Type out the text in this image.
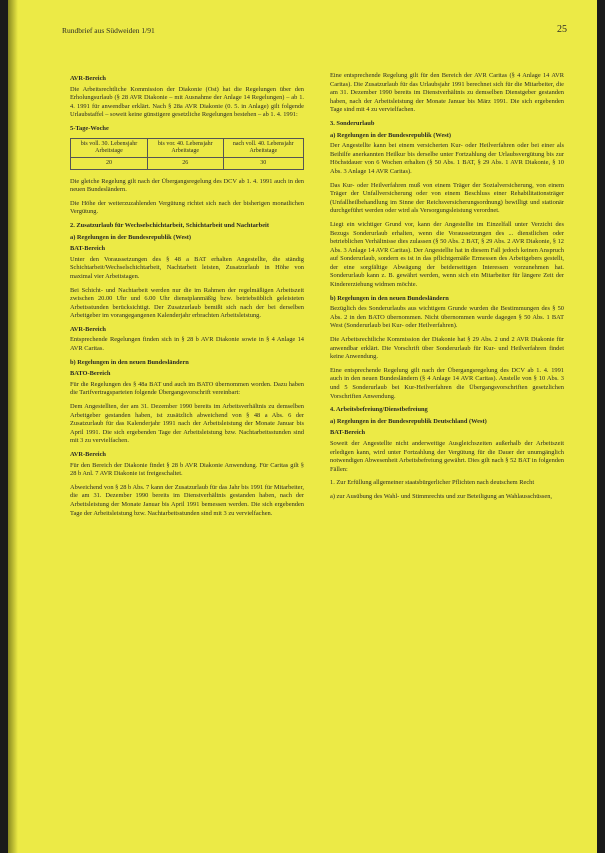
Rundbrief aus Südweiden 1/91	25
AVR-Bereich

Die Arbeitsrechtliche Kommission der Diakonie (Ost) hat die Regelungen über den Erholungsurlaub (§ 28 AVR Diakonie – mit Ausnahme der Anlage 14 Regelungen) – ab 1. 4. 1991 für anwendbar erklärt. Nach § 28a AVR Diakonie (0. 5. in Anlage) gilt folgende Urlaubstaffel – soweit keine günstigere gesetzliche Regelungen bestehen – ab 1. 4. 1991:

5-Tage-Woche
bis voll. 30. Lebensjahr Arbeitstage	bis vor. 40. Lebensjahr Arbeitstage	nach voll. 40. Lebensjahr Arbeitstage
20	26	30

Die gleiche Regelung gilt nach der Übergangsregelung des DCV ab 1. 4. 1991 auch in den neuen Bundesländern.

Die Höhe der weiterzuzahlenden Vergütung richtet sich nach der bisherigen monatlichen Vergütung.

2. Zusatzurlaub für Wechselschichtarbeit, Schichtarbeit und Nachtarbeit
a) Regelungen in der Bundesrepublik (West)
BAT-Bereich

Unter den Voraussetzungen des § 48 a BAT erhalten Angestellte, die ständig Schichtarbeit/Wechselschichtarbeit, Nachtarbeit leisten, Zusatzurlaub in Höhe von maximal vier Arbeitstagen.

Bei Schicht- und Nachtarbeit werden nur die im Rahmen der regelmäßigen Arbeitszeit zwischen 20.00 Uhr und 6.00 Uhr dienstplanmäßig bzw. betriebsüblich geleisteten Arbeitsstunden berücksichtigt. Der Zusatzurlaub bemißt sich nach der bei derselben Arbeitgeber im vorangegangenen Kalenderjahr erbrachten Arbeitsleistung.

AVR-Bereich

Entsprechende Regelungen finden sich in § 28 b AVR Diakonie sowie in § 4 Anlage 14 AVR Caritas.

b) Regelungen in den neuen Bundesländern
BATO-Bereich

Für die Regelungen des § 48a BAT und auch im BATO übernommen worden. Dazu haben die Tarifvertragsparteien folgende Übergangsvorschrift vereinbart:

Dem Angestellten, der am 31. Dezember 1990 bereits im Arbeitsverhältnis zu demselben Arbeitgeber gestanden haben, ist zusätzlich abweichend von § 48 a Abs. 6 der Zusatzurlaub für das Kalenderjahr 1991 nach der Arbeitsleistung der Monate Januar bis April 1991. Die sich ergebenden Tage der Arbeitsleistung bzw. Nachtarbeitsstunden sind mit 3 zu vervielfachen.

AVR-Bereich

Für den Bereich der Diakonie findet § 28 b AVR Diakonie Anwendung. Für Caritas gilt § 28 b Anl. 7 AVR Diakonie ist freigeschaltet.

Abweichend von § 28 b Abs. 7 kann der Zusatzurlaub für das Jahr bis 1991 für Mitarbeiter, die am 31. Dezember 1990 bereits im Dienstverhältnis gestanden haben, nach der Arbeitsleistung der Monate Januar bis April 1991 bemessen werden. Die sich ergebenden Tage der Arbeitsleistung bzw. Nachtarbeitsstunden sind mit 3 zu vervielfachen.

Eine entsprechende Regelung gilt für den Bereich der AVR Caritas (§ 4 Anlage 14 AVR Caritas). Die Zusatzurlaub für das Urlaubsjahr 1991 berechnet sich für die Mitarbeiter, die am 31. Dezember 1990 bereits im Dienstverhältnis zu demselben Dienstgeber gestanden haben, nach der Arbeitsleistung der Monate Januar bis März 1991. Die sich ergebenden Tage sind mit 4 zu vervielfachen.

3. Sonderurlaub
a) Regelungen in der Bundesrepublik (West)

Der Angestellte kann bei einem versicherten Kur- oder Heilverfahren oder bei einer als Beihilfe anerkannten Heilkur bis derselbe unter Fortzahlung der Urlaubsvergütung bis zur Höchstdauer von 6 Wochen erhalten (§ 50 Abs. 1 BAT, § 29 Abs. 1 AVR Diakonie, § 10 Abs. 3 Anlage 14 AVR Caritas).

Das Kur- oder Heilverfahren muß von einem Träger der Sozialversicherung, von einem Träger der Unfallversicherung oder von einem Beschluss einer Rehabilitationsträger (Unfallheilbehandlung im Sinne der Reichsversicherungsordnung) bewilligt und stationär durchgeführt werden oder wird als Versorgungsleistung verordnet.

Liegt ein wichtiger Grund vor, kann der Angestellte im Einzelfall unter Verzicht des Bezugs Sonderurlaub erhalten, wenn die Voraussetzungen des ... dienstlichen oder betrieblichen Verhältnisse dies zulassen (§ 50 Abs. 2 BAT, § 29 Abs. 2 AVR Diakonie, § 12 Abs. 3 Anlage 14 AVR Caritas). Der Angestellte hat in diesem Fall jedoch keinen Anspruch auf Sonderurlaub, sondern es ist in das pflichtgemäße Ermessen des Arbeitgebers gestellt, der eine sorgfältige Abwägung der beiderseitigen Interessen vorzunehmen hat. Sonderurlaub kann z. B. gewährt werden, wenn sich ein Mitarbeiter für längere Zeit der Kindererziehung widmen möchte.

b) Regelungen in den neuen Bundesländern

Bezüglich des Sonderurlaubs aus wichtigem Grunde wurden die Bestimmungen des § 50 Abs. 2 in den BATO übernommen. Nicht übernommen wurde dagegen § 50 Abs. 1 BAT West (Sonderurlaub bei Kur- oder Heilverfahren).

Die Arbeitsrechtliche Kommission der Diakonie hat § 29 Abs. 2 und 2 AVR Diakonie für anwendbar erklärt. Die Vorschrift über Sonderurlaub für Kur- und Heilverfahren findet keine Anwendung.

Eine entsprechende Regelung gilt nach der Übergangsregelung des DCV ab 1. 4. 1991 auch in den neuen Bundesländern (§ 4 Anlage 14 AVR Caritas). Anstelle von § 10 Abs. 3 und 5 Sonderurlaub bei Kur-Heilverfahren die Übergangsvorschriften gesetzlichen Vorschriften Anwendung.

4. Arbeitsbefreiung/Dienstbefreiung
a) Regelungen in der Bundesrepublik Deutschland (West)
BAT-Bereich

Soweit der Angestellte nicht anderweitige Ausgleichszeiten außerhalb der Arbeitszeit erledigen kann, wird unter Fortzahlung der Vergütung für die Dauer der unumgänglich notwendigen Abwesenheit Arbeitsbefreiung gewährt. Dies gilt nach § 52 BAT in folgenden Fällen:

1. Zur Erfüllung allgemeiner staatsbürgerlicher Pflichten nach deutschem Recht

a) zur Ausübung des Wahl- und Stimmrechts und zur Beteiligung an Wahlausschüssen,
